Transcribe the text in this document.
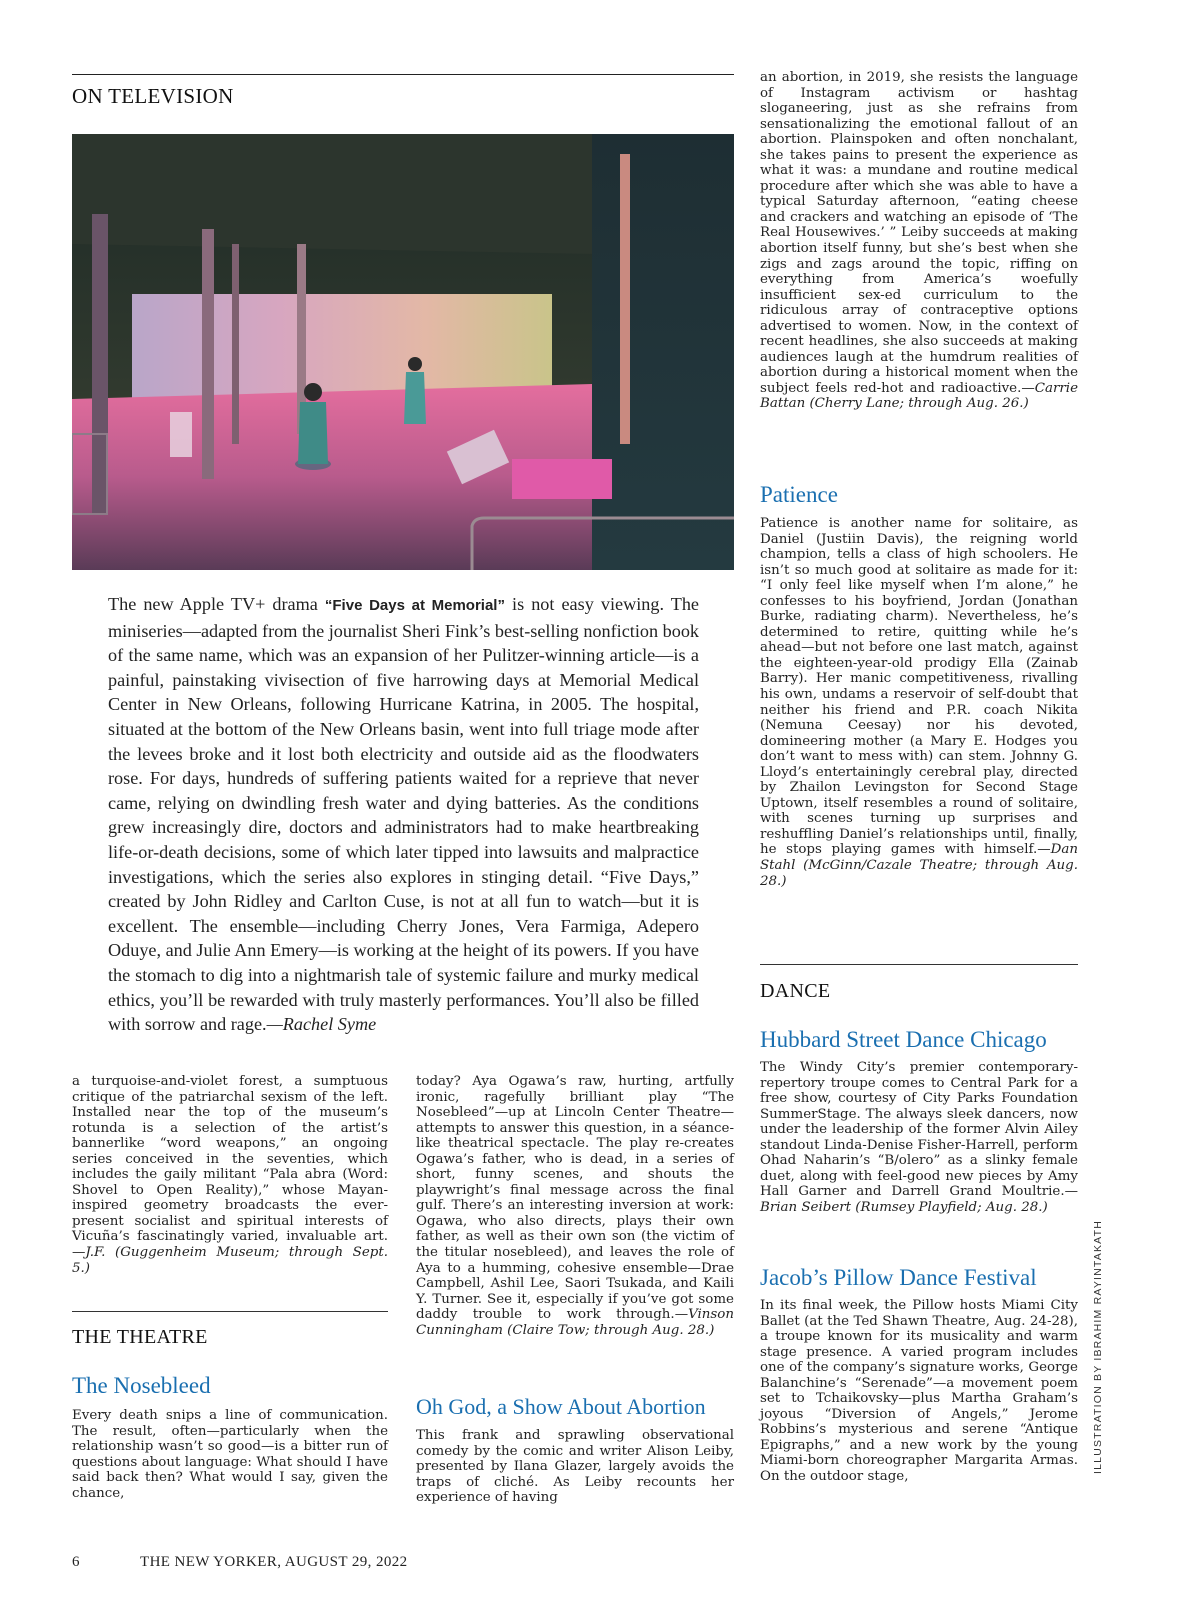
ON TELEVISION
The new Apple TV+ drama “Five Days at Memorial” is not easy viewing. The miniseries—adapted from the journalist Sheri Fink’s best-selling nonfiction book of the same name, which was an expansion of her Pulitzer-winning article—is a painful, painstaking vivisection of five harrowing days at Memorial Medical Center in New Orleans, following Hurricane Katrina, in 2005. The hospital, situated at the bottom of the New Orleans basin, went into full triage mode after the levees broke and it lost both electricity and outside aid as the floodwaters rose. For days, hundreds of suffering patients waited for a reprieve that never came, relying on dwindling fresh water and dying batteries. As the conditions grew increasingly dire, doctors and administrators had to make heartbreaking life-or-death decisions, some of which later tipped into lawsuits and malpractice investigations, which the series also explores in stinging detail. “Five Days,” created by John Ridley and Carlton Cuse, is not at all fun to watch—but it is excellent. The ensemble—including Cherry Jones, Vera Farmiga, Adepero Oduye, and Julie Ann Emery—is working at the height of its powers. If you have the stomach to dig into a nightmarish tale of systemic failure and murky medical ethics, you’ll be rewarded with truly masterly performances. You’ll also be filled with sorrow and rage.—Rachel Syme

a turquoise-and-violet forest, a sumptuous critique of the patriarchal sexism of the left. Installed near the top of the museum’s rotunda is a selection of the artist’s bannerlike “word weapons,” an ongoing series conceived in the seventies, which includes the gaily militant “Pala abra (Word: Shovel to Open Reality),” whose Mayan-inspired geometry broadcasts the ever-present socialist and spiritual interests of Vicuña’s fascinatingly varied, invaluable art.—J.F. (Guggenheim Museum; through Sept. 5.)

THE THEATRE
The Nosebleed

Every death snips a line of communication. The result, often—particularly when the relationship wasn’t so good—is a bitter run of questions about language: What should I have said back then? What would I say, given the chance,

today? Aya Ogawa’s raw, hurting, artfully ironic, ragefully brilliant play “The Nosebleed”—up at Lincoln Center Theatre—attempts to answer this question, in a séance-like theatrical spectacle. The play re-creates Ogawa’s father, who is dead, in a series of short, funny scenes, and shouts the playwright’s final message across the final gulf. There’s an interesting inversion at work: Ogawa, who also directs, plays their own father, as well as their own son (the victim of the titular nosebleed), and leaves the role of Aya to a humming, cohesive ensemble—Drae Campbell, Ashil Lee, Saori Tsukada, and Kaili Y. Turner. See it, especially if you’ve got some daddy trouble to work through.—Vinson Cunningham (Claire Tow; through Aug. 28.)

Oh God, a Show About Abortion

This frank and sprawling observational comedy by the comic and writer Alison Leiby, presented by Ilana Glazer, largely avoids the traps of cliché. As Leiby recounts her experience of having

an abortion, in 2019, she resists the language of Instagram activism or hashtag sloganeering, just as she refrains from sensationalizing the emotional fallout of an abortion. Plainspoken and often nonchalant, she takes pains to present the experience as what it was: a mundane and routine medical procedure after which she was able to have a typical Saturday afternoon, “eating cheese and crackers and watching an episode of ‘The Real Housewives.’ ” Leiby succeeds at making abortion itself funny, but she’s best when she zigs and zags around the topic, riffing on everything from America’s woefully insufficient sex-ed curriculum to the ridiculous array of contraceptive options advertised to women. Now, in the context of recent headlines, she also succeeds at making audiences laugh at the humdrum realities of abortion during a historical moment when the subject feels red-hot and radioactive.—Carrie Battan (Cherry Lane; through Aug. 26.)

Patience

Patience is another name for solitaire, as Daniel (Justiin Davis), the reigning world champion, tells a class of high schoolers. He isn’t so much good at solitaire as made for it: “I only feel like myself when I’m alone,” he confesses to his boyfriend, Jordan (Jonathan Burke, radiating charm). Nevertheless, he’s determined to retire, quitting while he’s ahead—but not before one last match, against the eighteen-year-old prodigy Ella (Zainab Barry). Her manic competitiveness, rivalling his own, undams a reservoir of self-doubt that neither his friend and P.R. coach Nikita (Nemuna Ceesay) nor his devoted, domineering mother (a Mary E. Hodges you don’t want to mess with) can stem. Johnny G. Lloyd’s entertainingly cerebral play, directed by Zhailon Levingston for Second Stage Uptown, itself resembles a round of solitaire, with scenes turning up surprises and reshuffling Daniel’s relationships until, finally, he stops playing games with himself.—Dan Stahl (McGinn/Cazale Theatre; through Aug. 28.)

DANCE
Hubbard Street Dance Chicago

The Windy City’s premier contemporary-repertory troupe comes to Central Park for a free show, courtesy of City Parks Foundation SummerStage. The always sleek dancers, now under the leadership of the former Alvin Ailey standout Linda-Denise Fisher-Harrell, perform Ohad Naharin’s “B/olero” as a slinky female duet, along with feel-good new pieces by Amy Hall Garner and Darrell Grand Moultrie.—Brian Seibert (Rumsey Playfield; Aug. 28.)

Jacob’s Pillow Dance Festival

In its final week, the Pillow hosts Miami City Ballet (at the Ted Shawn Theatre, Aug. 24-28), a troupe known for its musicality and warm stage presence. A varied program includes one of the company’s signature works, George Balanchine’s “Serenade”—a movement poem set to Tchaikovsky—plus Martha Graham’s joyous “Diversion of Angels,” Jerome Robbins’s mysterious and serene “Antique Epigraphs,” and a new work by the young Miami-born choreographer Margarita Armas. On the outdoor stage,

ILLUSTRATION BY IBRAHIM RAYINTAKATH
6	THE NEW YORKER, AUGUST 29, 2022
